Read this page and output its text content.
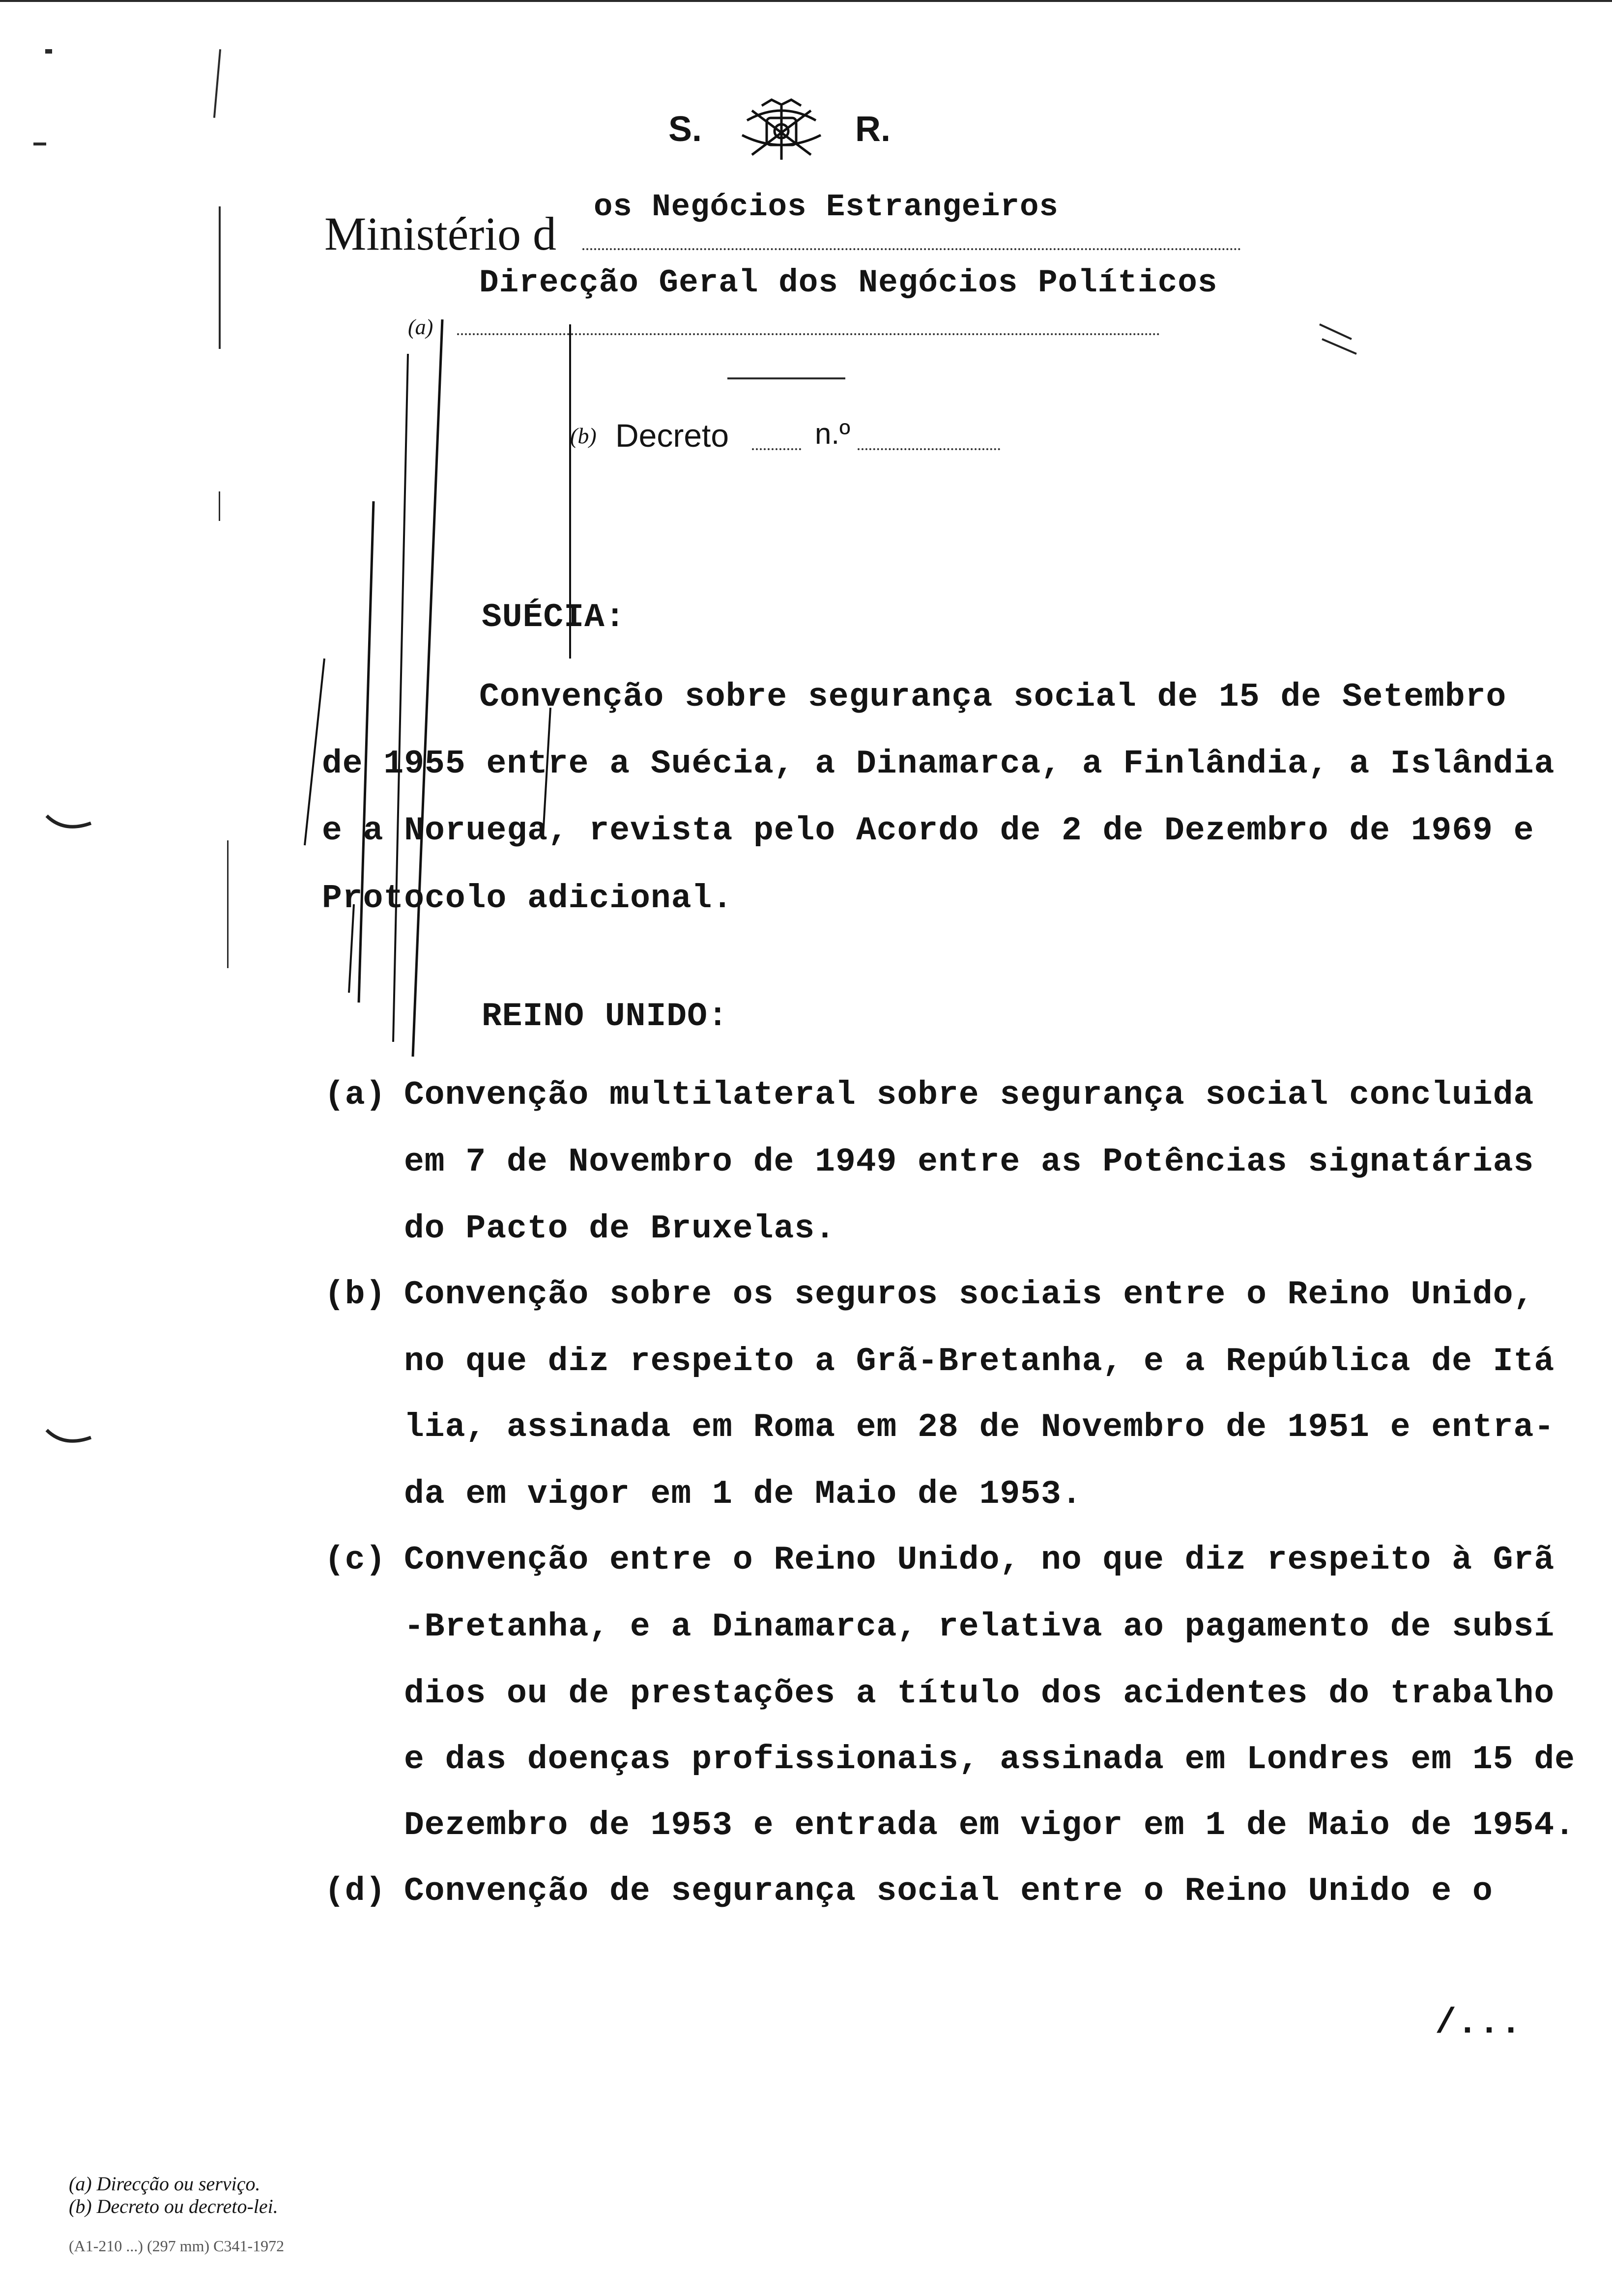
S.	R.
Ministério d os Negócios Estrangeiros
Direcção Geral dos Negócios Políticos
(a)
(b) Decreto	n.º
SUÉCIA:
Convenção sobre segurança social de 15 de Setembro
de 1955 entre a Suécia, a Dinamarca, a Finlândia, a Islândia
e a Noruega, revista pelo Acordo de 2 de Dezembro de 1969 e
Protocolo adicional.
REINO UNIDO:
(a) Convenção multilateral sobre segurança social concluida
em 7 de Novembro de 1949 entre as Potências signatárias
do Pacto de Bruxelas.
(b) Convenção sobre os seguros sociais entre o Reino Unido,
no que diz respeito a Grã-Bretanha, e a República de Itá
lia, assinada em Roma em 28 de Novembro de 1951 e entra-
da em vigor em 1 de Maio de 1953.
(c) Convenção entre o Reino Unido, no que diz respeito à Grã
-Bretanha, e a Dinamarca, relativa ao pagamento de subsí
dios ou de prestações a título dos acidentes do trabalho
e das doenças profissionais, assinada em Londres em 15 de
Dezembro de 1953 e entrada em vigor em 1 de Maio de 1954.
(d) Convenção de segurança social entre o Reino Unido e o
/...
(a) Direcção ou serviço.
(b) Decreto ou decreto-lei.
(A1-210 ...) (297 mm) C341-1972
